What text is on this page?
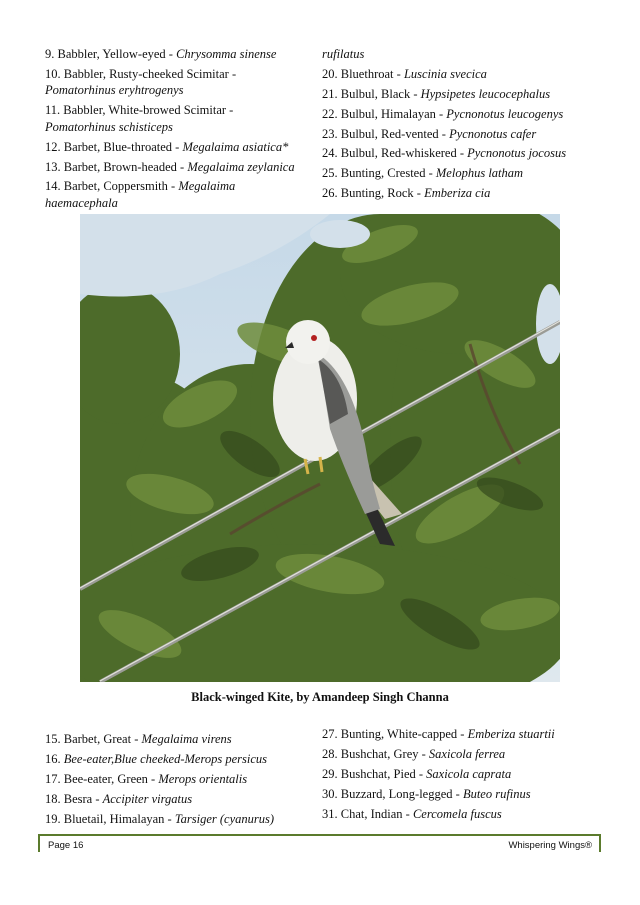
9. Babbler, Yellow-eyed - Chrysomma sinense
10. Babbler, Rusty-cheeked Scimitar - Pomatorhinus eryhtrogenys
11. Babbler, White-browed Scimitar - Pomatorhinus schisticeps
12. Barbet, Blue-throated - Megalaima asiatica*
13. Barbet, Brown-headed - Megalaima zeylanica
14. Barbet, Coppersmith - Megalaima haemacephala
rufilatus
20. Bluethroat - Luscinia svecica
21. Bulbul, Black - Hypsipetes leucocephalus
22. Bulbul, Himalayan - Pycnonotus leucogenys
23. Bulbul, Red-vented - Pycnonotus cafer
24. Bulbul, Red-whiskered - Pycnonotus jocosus
25. Bunting, Crested - Melophus latham
26. Bunting, Rock - Emberiza cia
Black-winged Kite, by Amandeep Singh Channa
15. Barbet, Great - Megalaima virens
16. Bee-eater,Blue cheeked-Merops persicus
17. Bee-eater, Green - Merops orientalis
18. Besra - Accipiter virgatus
19. Bluetail, Himalayan - Tarsiger (cyanurus)
27. Bunting, White-capped - Emberiza stuartii
28. Bushchat, Grey - Saxicola ferrea
29. Bushchat, Pied - Saxicola caprata
30. Buzzard, Long-legged - Buteo rufinus
31. Chat, Indian - Cercomela fuscus
Page 16	Whispering Wings®
